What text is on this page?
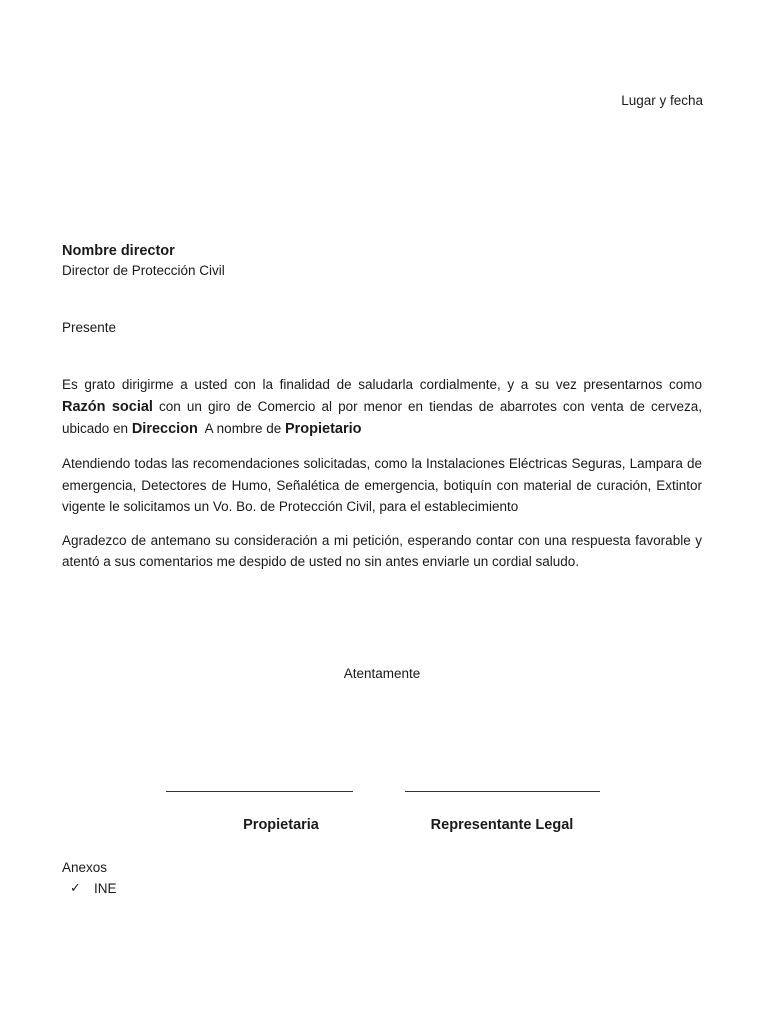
Lugar y fecha
Nombre director
Director de Protección Civil
Presente

Es grato dirigirme a usted con la finalidad de saludarla cordialmente, y a su vez presentarnos como Razón social con un giro de Comercio al por menor en tiendas de abarrotes con venta de cerveza, ubicado en Direccion  A nombre de Propietario

Atendiendo todas las recomendaciones solicitadas, como la Instalaciones Eléctricas Seguras, Lampara de emergencia, Detectores de Humo, Señalética de emergencia, botiquín con material de curación, Extintor vigente le solicitamos un Vo. Bo. de Protección Civil, para el establecimiento

Agradezco de antemano su consideración a mi petición, esperando contar con una respuesta favorable y atentó a sus comentarios me despido de usted no sin antes enviarle un cordial saludo.

Atentamente
Propietaria	Representante Legal
Anexos
✓ INE
